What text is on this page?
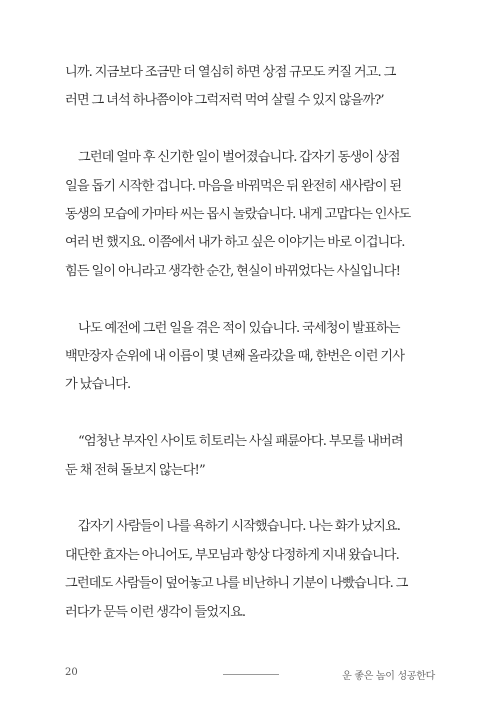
니까. 지금보다 조금만 더 열심히 하면 상점 규모도 커질 거고. 그
러면 그 녀석 하나쯤이야 그럭저럭 먹여 살릴 수 있지 않을까?’

그런데 얼마 후 신기한 일이 벌어졌습니다. 갑자기 동생이 상점
일을 돕기 시작한 겁니다. 마음을 바꿔먹은 뒤 완전히 새사람이 된
동생의 모습에 가마타 씨는 몹시 놀랐습니다. 내게 고맙다는 인사도
여러 번 했지요. 이쯤에서 내가 하고 싶은 이야기는 바로 이겁니다.
힘든 일이 아니라고 생각한 순간, 현실이 바뀌었다는 사실입니다!

나도 예전에 그런 일을 겪은 적이 있습니다. 국세청이 발표하는
백만장자 순위에 내 이름이 몇 년째 올라갔을 때, 한번은 이런 기사
가 났습니다.

“엄청난 부자인 사이토 히토리는 사실 패륜아다. 부모를 내버려
둔 채 전혀 돌보지 않는다!”

갑자기 사람들이 나를 욕하기 시작했습니다. 나는 화가 났지요.
대단한 효자는 아니어도, 부모님과 항상 다정하게 지내 왔습니다.
그런데도 사람들이 덮어놓고 나를 비난하니 기분이 나빴습니다. 그
러다가 문득 이런 생각이 들었지요.

20	운 좋은 놈이 성공한다
